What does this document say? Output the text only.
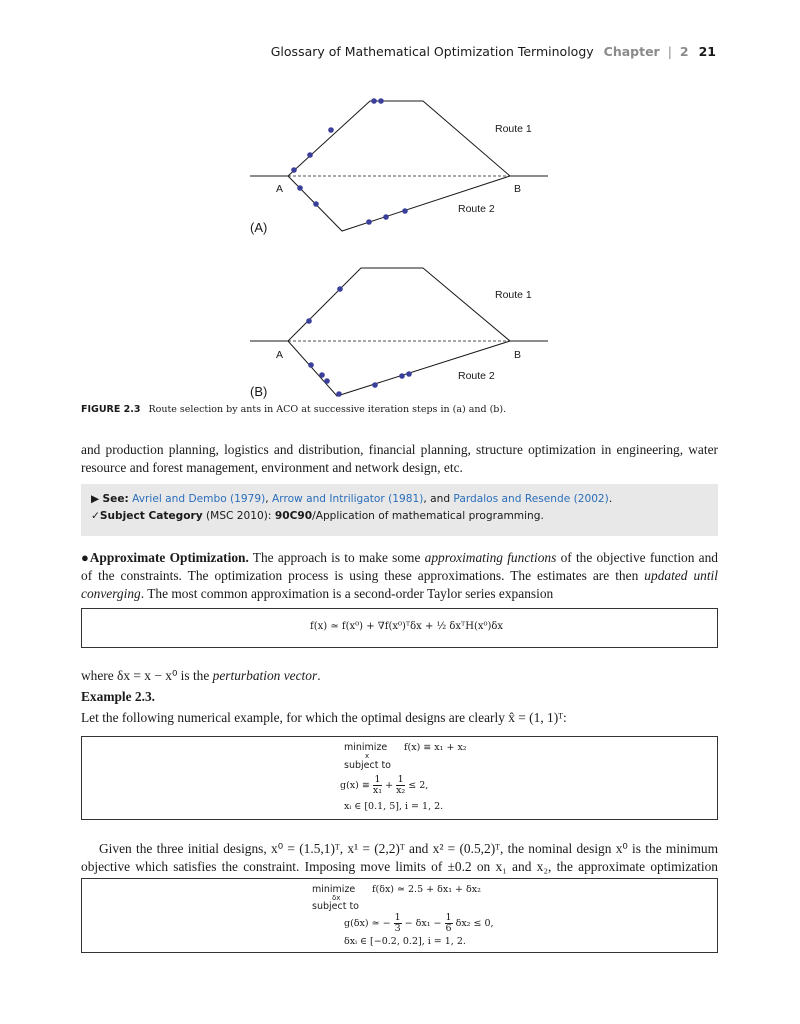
Glossary of Mathematical Optimization Terminology Chapter | 2 21
Route 1
Route 2
A	B
(A)
Route 1
Route 2
A	B
(B)
FIGURE 2.3 Route selection by ants in ACO at successive iteration steps in (a) and (b).
and production planning, logistics and distribution, financial planning, structure optimization in engineering, water resource and forest management, environment and network design, etc.
▶ See: Avriel and Dembo (1979), Arrow and Intriligator (1981), and Pardalos and Resende (2002).
✓Subject Category (MSC 2010): 90C90/Application of mathematical programming.
●Approximate Optimization. The approach is to make some approximating functions of the objective function and of the constraints. The optimization process is using these approximations. The estimates are then updated until converging. The most common approximation is a second-order Taylor series expansion
f(x) ≃ f(x⁰) + ∇f(x⁰)ᵀδx + ½ δxᵀH(x⁰)δx
where δx = x − x⁰ is the perturbation vector.
Example 2.3.
Let the following numerical example, for which the optimal designs are clearly x̂ = (1, 1)ᵀ:
minimize
x
f(x) ≡ x₁ + x₂
subject to
$g(x) \equiv \frac{1}{\text{x₁}} + \frac{1}{\text{x₂}} \le 2$,
xᵢ ∈ [0.1, 5], i = 1, 2.
Given the three initial designs, x⁰ = (1.5,1)ᵀ, x¹ = (2,2)ᵀ and x² = (0.5,2)ᵀ, the nominal design x⁰ is the minimum objective which satisfies the constraint. Imposing move limits of ±0.2 on x₁ and x₂, the approximate optimization
minimize
δx
f(δx) ≃ 2.5 + δx₁ + δx₂
subject to
g(δx) ≃ − $\frac{1}{3} - \delta x_1 - \frac{1}{6} \delta x_2 \le 0$,
δxᵢ ∈ [−0.2, 0.2], i = 1, 2.
